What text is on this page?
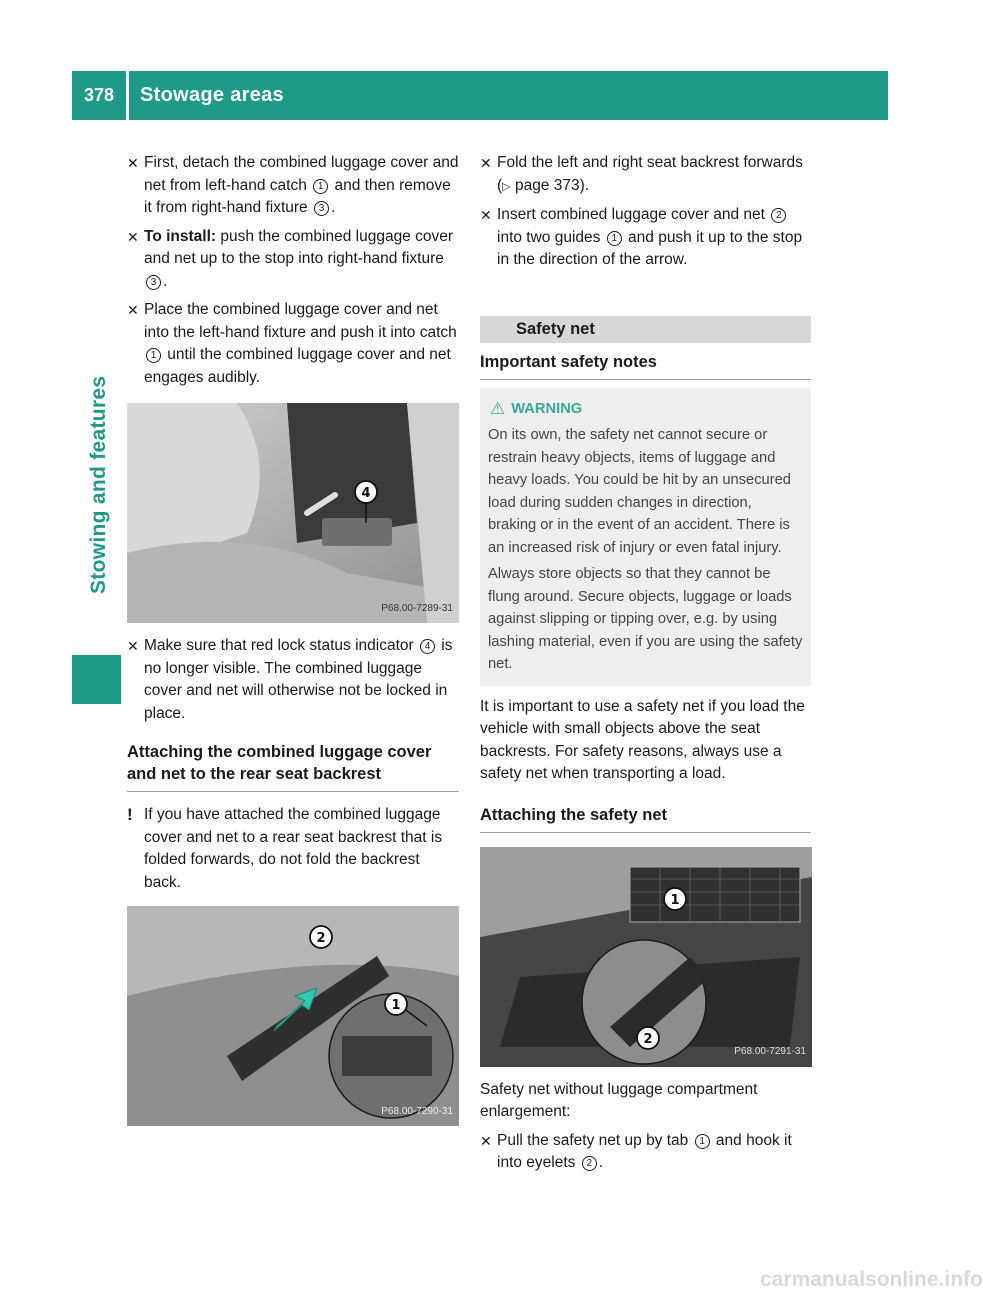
378	Stowage areas
Stowing and features
✕ First, detach the combined luggage cover and net from left-hand catch 1 and then remove it from right-hand fixture 3 .
✕ To install: push the combined luggage cover and net up to the stop into right-hand fixture 3 .
✕ Place the combined luggage cover and net into the left-hand fixture and push it into catch 1 until the combined luggage cover and net engages audibly.
4
P68.00-7289-31
✕ Make sure that red lock status indicator 4 is no longer visible. The combined luggage cover and net will otherwise not be locked in place.
Attaching the combined luggage cover and net to the rear seat backrest
! If you have attached the combined luggage cover and net to a rear seat backrest that is folded forwards, do not fold the backrest back.
2
1
P68.00-7290-31
✕ Fold the left and right seat backrest forwards (▷ page 373).
✕ Insert combined luggage cover and net 2 into two guides 1 and push it up to the stop in the direction of the arrow.
Safety net
Important safety notes
⚠ WARNING

On its own, the safety net cannot secure or restrain heavy objects, items of luggage and heavy loads. You could be hit by an unsecured load during sudden changes in direction, braking or in the event of an accident. There is an increased risk of injury or even fatal injury.

Always store objects so that they cannot be flung around. Secure objects, luggage or loads against slipping or tipping over, e.g. by using lashing material, even if you are using the safety net.

It is important to use a safety net if you load the vehicle with small objects above the seat backrests. For safety reasons, always use a safety net when transporting a load.

Attaching the safety net
1
2
P68.00-7291-31

Safety net without luggage compartment enlargement:

✕ Pull the safety net up by tab 1 and hook it into eyelets 2 .
carmanualsonline.info
